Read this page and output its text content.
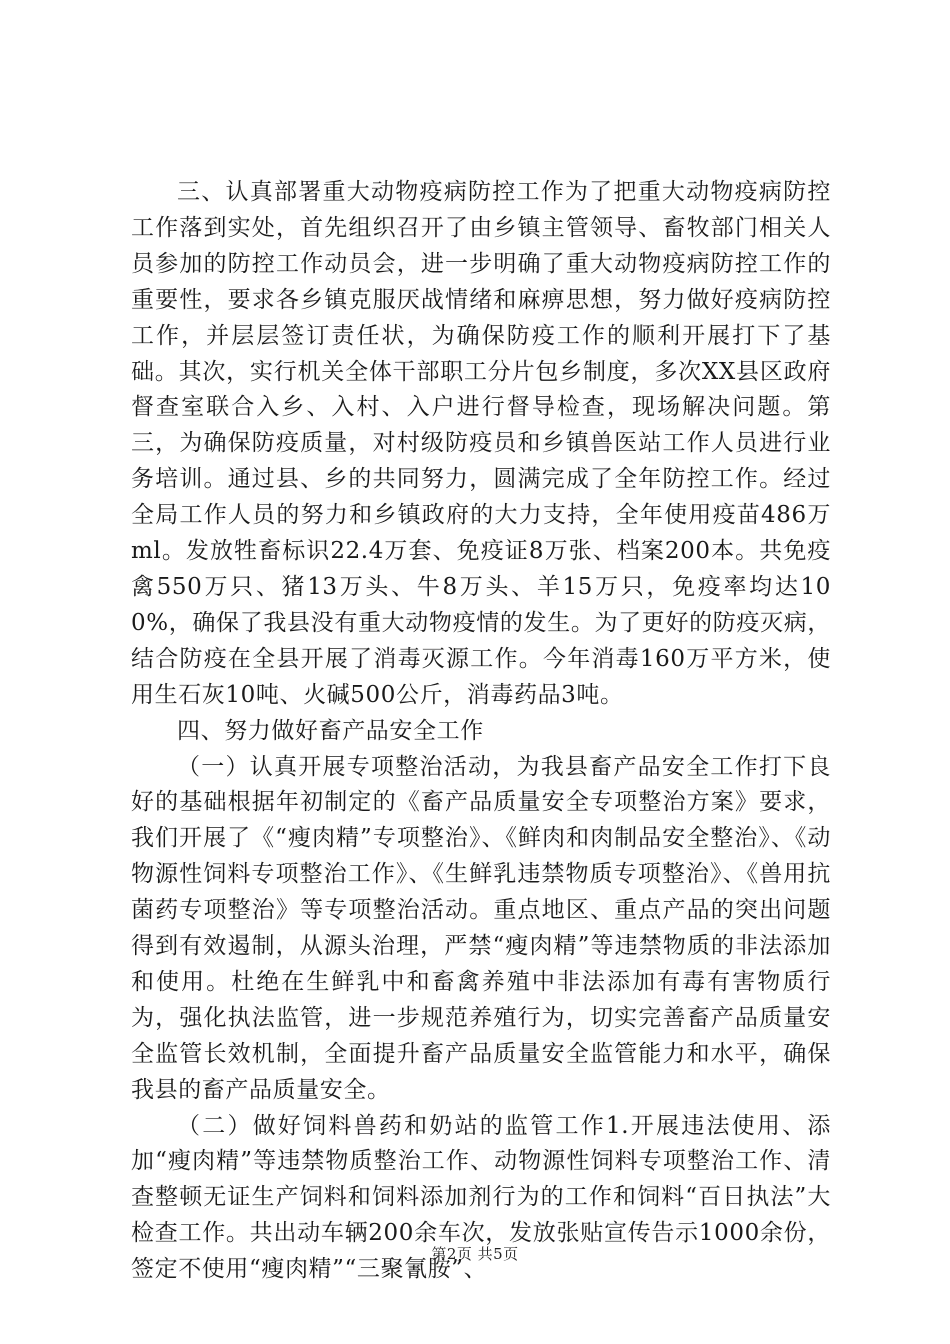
三、认真部署重大动物疫病防控工作为了把重大动物疫病防控工作落到实处，首先组织召开了由乡镇主管领导、畜牧部门相关人员参加的防控工作动员会，进一步明确了重大动物疫病防控工作的重要性，要求各乡镇克服厌战情绪和麻痹思想，努力做好疫病防控工作，并层层签订责任状，为确保防疫工作的顺利开展打下了基础。其次，实行机关全体干部职工分片包乡制度，多次XX县区政府督查室联合入乡、入村、入户进行督导检查，现场解决问题。第三，为确保防疫质量，对村级防疫员和乡镇兽医站工作人员进行业务培训。通过县、乡的共同努力，圆满完成了全年防控工作。经过全局工作人员的努力和乡镇政府的大力支持，全年使用疫苗486万ml。发放牲畜标识22.4万套、免疫证8万张、档案200本。共免疫禽550万只、猪13万头、牛8万头、羊15万只，免疫率均达100%，确保了我县没有重大动物疫情的发生。为了更好的防疫灭病，结合防疫在全县开展了消毒灭源工作。今年消毒160万平方米，使用生石灰10吨、火碱500公斤，消毒药品3吨。

四、努力做好畜产品安全工作

（一）认真开展专项整治活动，为我县畜产品安全工作打下良好的基础根据年初制定的《畜产品质量安全专项整治方案》要求，我们开展了《“瘦肉精”专项整治》、《鲜肉和肉制品安全整治》、《动物源性饲料专项整治工作》、《生鲜乳违禁物质专项整治》、《兽用抗菌药专项整治》等专项整治活动。重点地区、重点产品的突出问题得到有效遏制，从源头治理，严禁“瘦肉精”等违禁物质的非法添加和使用。杜绝在生鲜乳中和畜禽养殖中非法添加有毒有害物质行为，强化执法监管，进一步规范养殖行为，切实完善畜产品质量安全监管长效机制，全面提升畜产品质量安全监管能力和水平，确保我县的畜产品质量安全。

（二）做好饲料兽药和奶站的监管工作1.开展违法使用、添加“瘦肉精”等违禁物质整治工作、动物源性饲料专项整治工作、清查整顿无证生产饲料和饲料添加剂行为的工作和饲料“百日执法”大检查工作。共出动车辆200余车次，发放张贴宣传告示1000余份，签定不使用“瘦肉精”“三聚氰胺”、

第2页 共5页
